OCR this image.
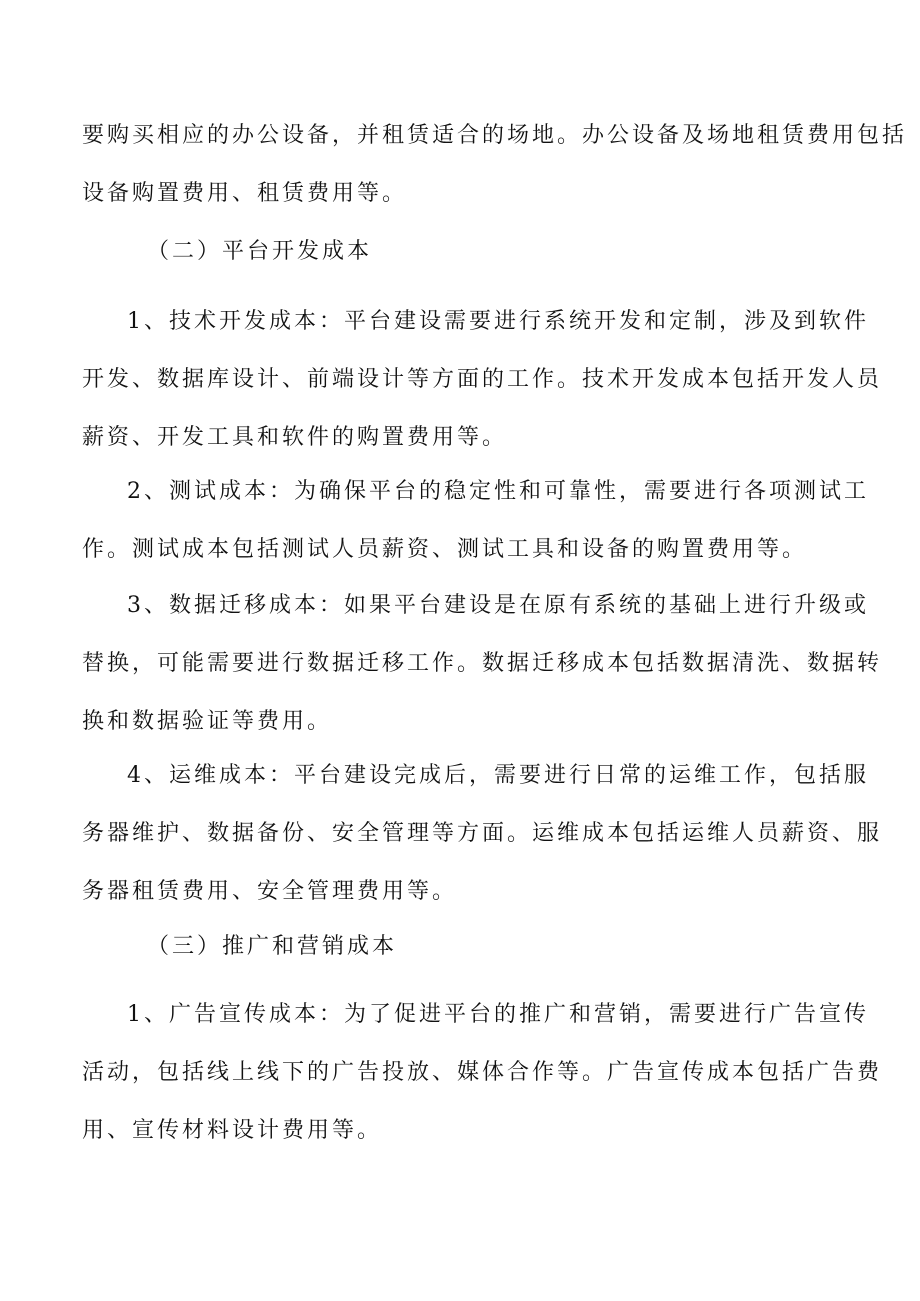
要购买相应的办公设备，并租赁适合的场地。办公设备及场地租赁费用包括
设备购置费用、租赁费用等。
（二）平台开发成本
1、技术开发成本：平台建设需要进行系统开发和定制，涉及到软件
开发、数据库设计、前端设计等方面的工作。技术开发成本包括开发人员
薪资、开发工具和软件的购置费用等。
2、测试成本：为确保平台的稳定性和可靠性，需要进行各项测试工
作。测试成本包括测试人员薪资、测试工具和设备的购置费用等。
3、数据迁移成本：如果平台建设是在原有系统的基础上进行升级或
替换，可能需要进行数据迁移工作。数据迁移成本包括数据清洗、数据转
换和数据验证等费用。
4、运维成本：平台建设完成后，需要进行日常的运维工作，包括服
务器维护、数据备份、安全管理等方面。运维成本包括运维人员薪资、服
务器租赁费用、安全管理费用等。
（三）推广和营销成本
1、广告宣传成本：为了促进平台的推广和营销，需要进行广告宣传
活动，包括线上线下的广告投放、媒体合作等。广告宣传成本包括广告费
用、宣传材料设计费用等。
